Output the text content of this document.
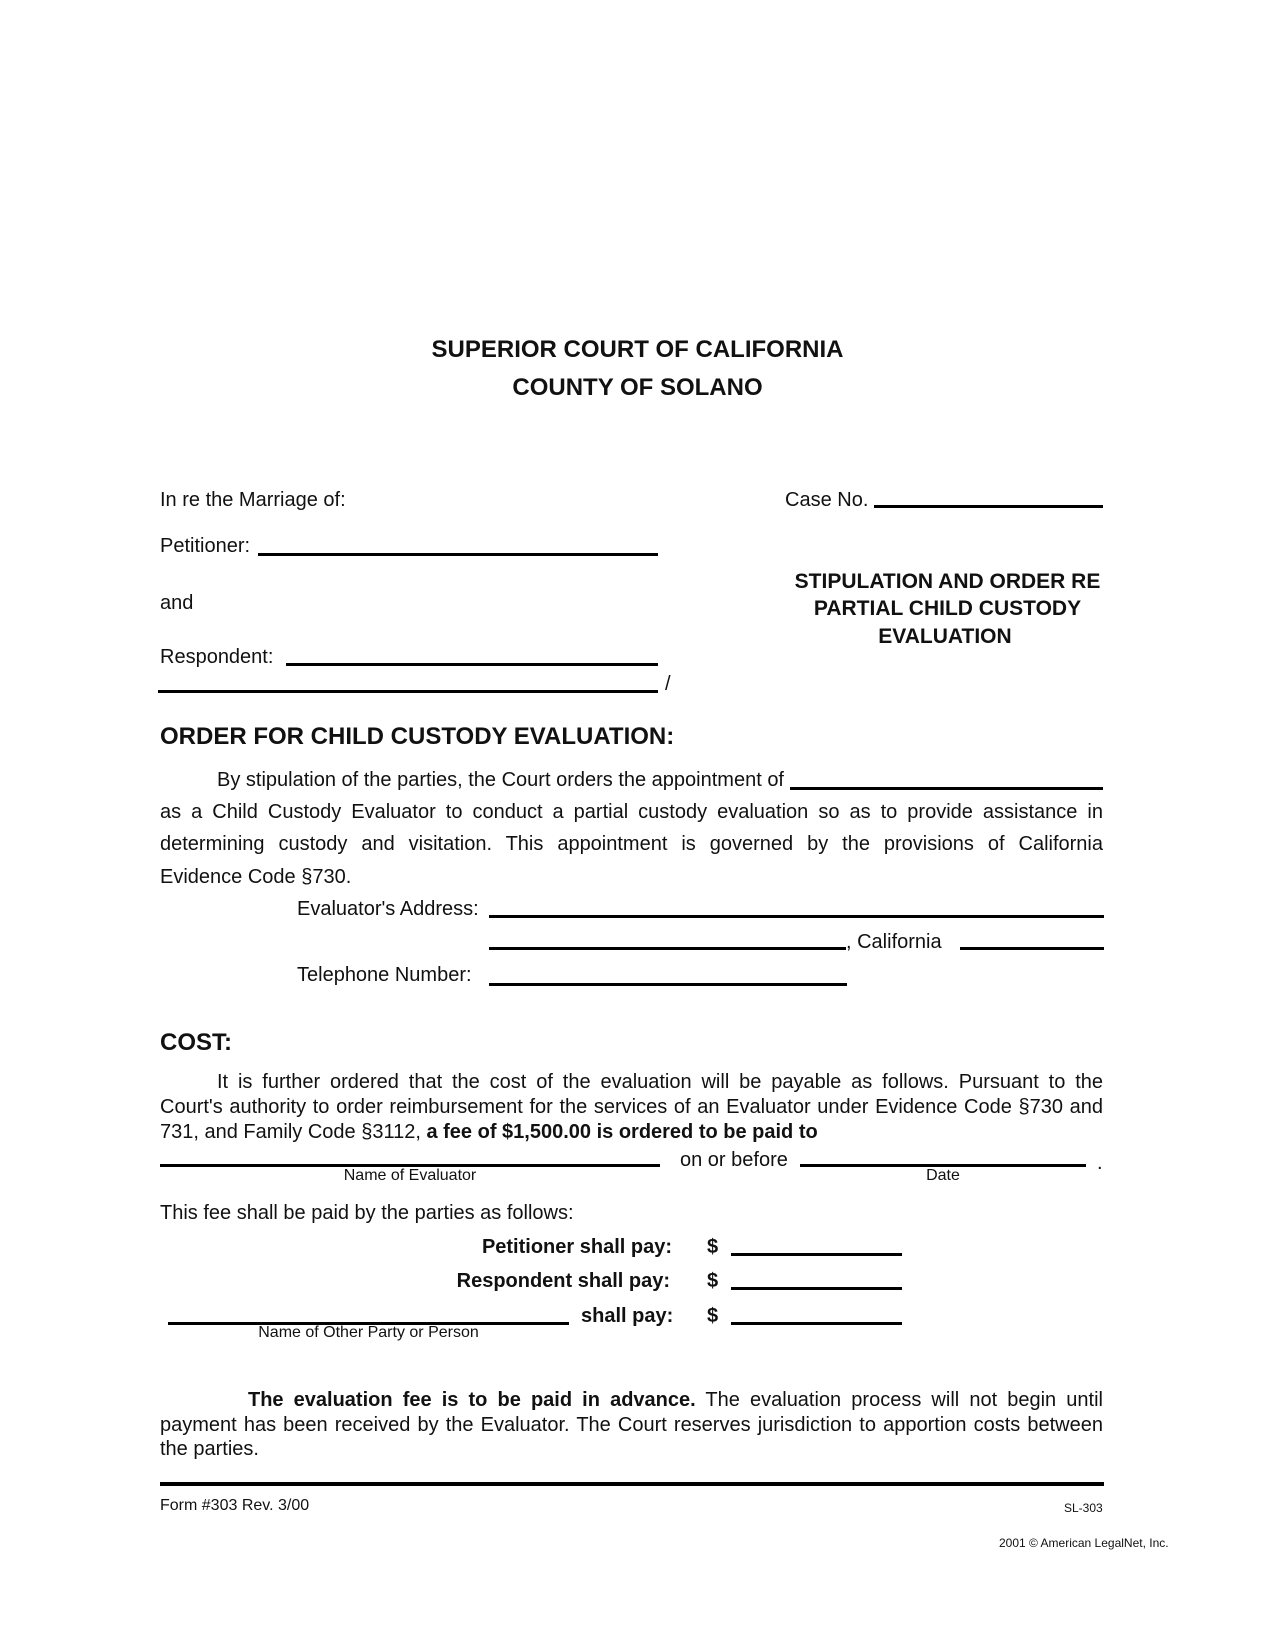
SUPERIOR COURT OF CALIFORNIA
COUNTY OF SOLANO
In re the Marriage of:
Petitioner:
and
Respondent:
/
Case No.
STIPULATION AND ORDER RE
PARTIAL CHILD CUSTODY
EVALUATION
ORDER FOR CHILD CUSTODY EVALUATION:
By stipulation of the parties, the Court orders the appointment of
as a Child Custody Evaluator to conduct a partial custody evaluation so as to provide assistance in
determining custody and visitation. This appointment is governed by the provisions of California
Evidence Code §730.
Evaluator's Address:
, California
Telephone Number:
COST:
It is further ordered that the cost of the evaluation will be payable as follows. Pursuant to the
Court's authority to order reimbursement for the services of an Evaluator under Evidence Code §730 and
731, and Family Code §3112, a fee of $1,500.00 is ordered to be paid to
Name of Evaluator
on or before
Date
.
This fee shall be paid by the parties as follows:
Petitioner shall pay: $
Respondent shall pay: $
Name of Other Party or Person
shall pay: $
The evaluation fee is to be paid in advance. The evaluation process will not begin until
payment has been received by the Evaluator. The Court reserves jurisdiction to apportion costs between
the parties.
Form #303 Rev. 3/00	SL-303
2001 © American LegalNet, Inc.
